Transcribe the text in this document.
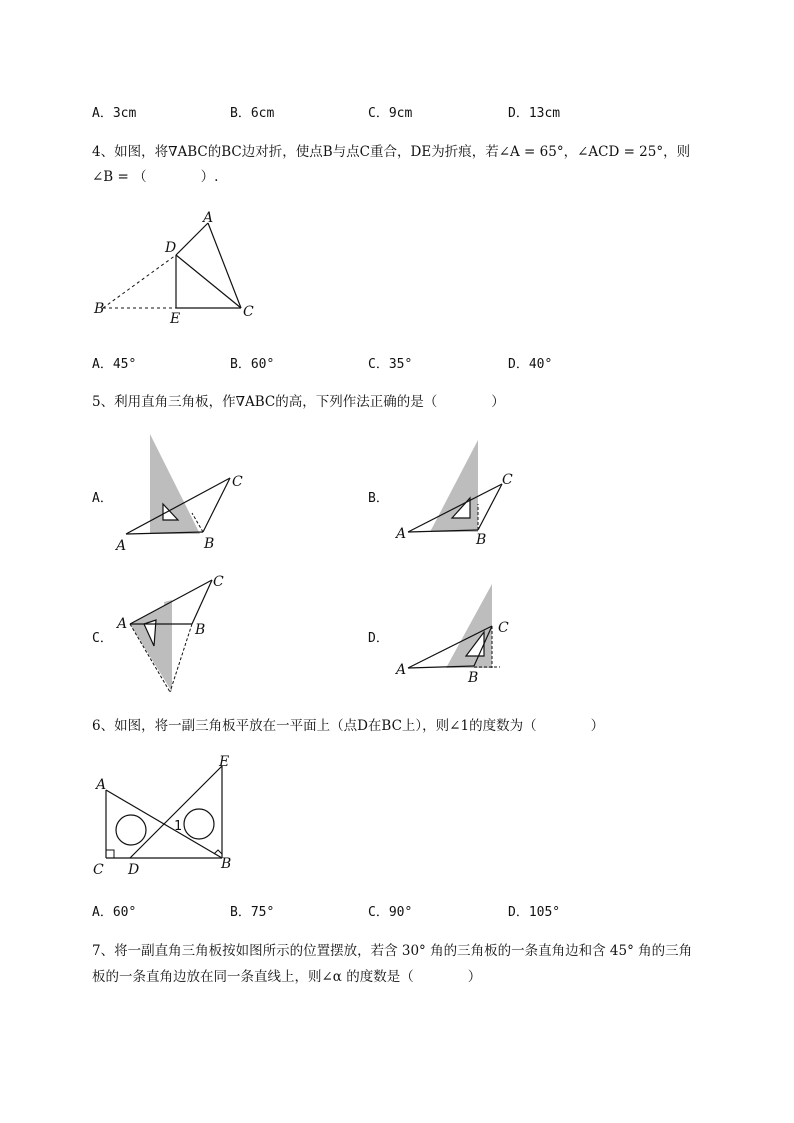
A．3cm	B．6cm	C．9cm	D．13cm
4、如图，将∇ABC的BC边对折，使点B与点C重合，DE为折痕，若∠A = 65°，∠ACD = 25°，则
∠B = （　　　　）.
A
D
B
E	C
A．45°	B．60°	C．35°	D．40°
5、利用直角三角板，作∇ABC的高，下列作法正确的是（　　　　）
A．
A	B
C
B．
A	B
C
C．
A	B
C
D．
A	B
C
6、如图，将一副三角板平放在一平面上（点D在BC上），则∠1的度数为（　　　　）
1
A
E
C D	B
A．60°	B．75°	C．90°	D．105°
7、将一副直角三角板按如图所示的位置摆放，若含 30° 角的三角板的一条直角边和含 45° 角的三角
板的一条直角边放在同一条直线上，则∠α 的度数是（　　　　）
